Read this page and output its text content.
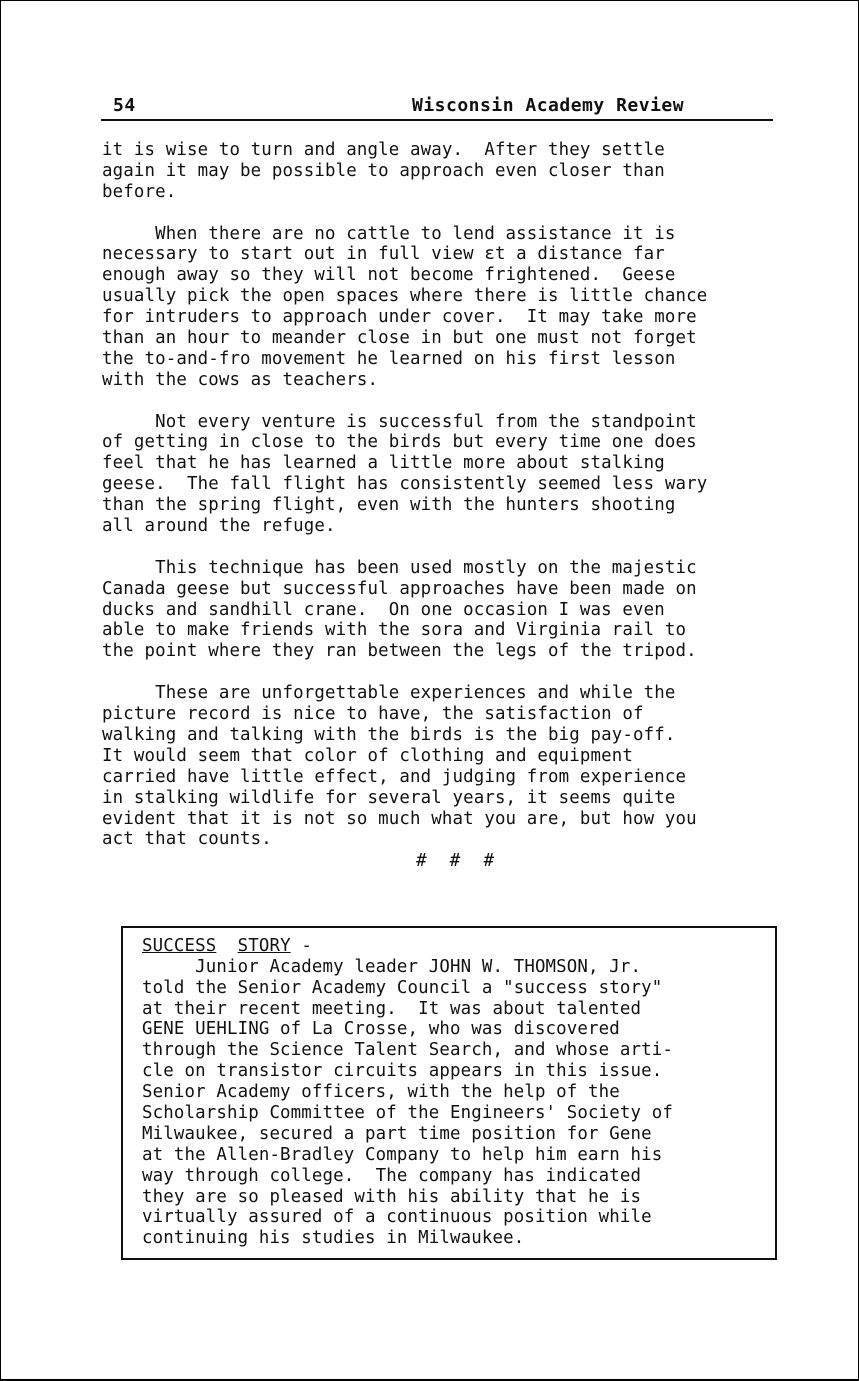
54	Wisconsin Academy Review
it is wise to turn and angle away.  After they settle
again it may be possible to approach even closer than
before.
When there are no cattle to lend assistance it is
necessary to start out in full view εt a distance far
enough away so they will not become frightened.  Geese
usually pick the open spaces where there is little chance
for intruders to approach under cover.  It may take more
than an hour to meander close in but one must not forget
the to-and-fro movement he learned on his first lesson
with the cows as teachers.
Not every venture is successful from the standpoint
of getting in close to the birds but every time one does
feel that he has learned a little more about stalking
geese.  The fall flight has consistently seemed less wary
than the spring flight, even with the hunters shooting
all around the refuge.
This technique has been used mostly on the majestic
Canada geese but successful approaches have been made on
ducks and sandhill crane.  On one occasion I was even
able to make friends with the sora and Virginia rail to
the point where they ran between the legs of the tripod.
These are unforgettable experiences and while the
picture record is nice to have, the satisfaction of
walking and talking with the birds is the big pay-off.
It would seem that color of clothing and equipment
carried have little effect, and judging from experience
in stalking wildlife for several years, it seems quite
evident that it is not so much what you are, but how you
act that counts.
# # #
SUCCESS STORY -
Junior Academy leader JOHN W. THOMSON, Jr.
told the Senior Academy Council a "success story"
at their recent meeting.  It was about talented
GENE UEHLING of La Crosse, who was discovered
through the Science Talent Search, and whose arti-
cle on transistor circuits appears in this issue.
Senior Academy officers, with the help of the
Scholarship Committee of the Engineers' Society of
Milwaukee, secured a part time position for Gene
at the Allen-Bradley Company to help him earn his
way through college.  The company has indicated
they are so pleased with his ability that he is
virtually assured of a continuous position while
continuing his studies in Milwaukee.
